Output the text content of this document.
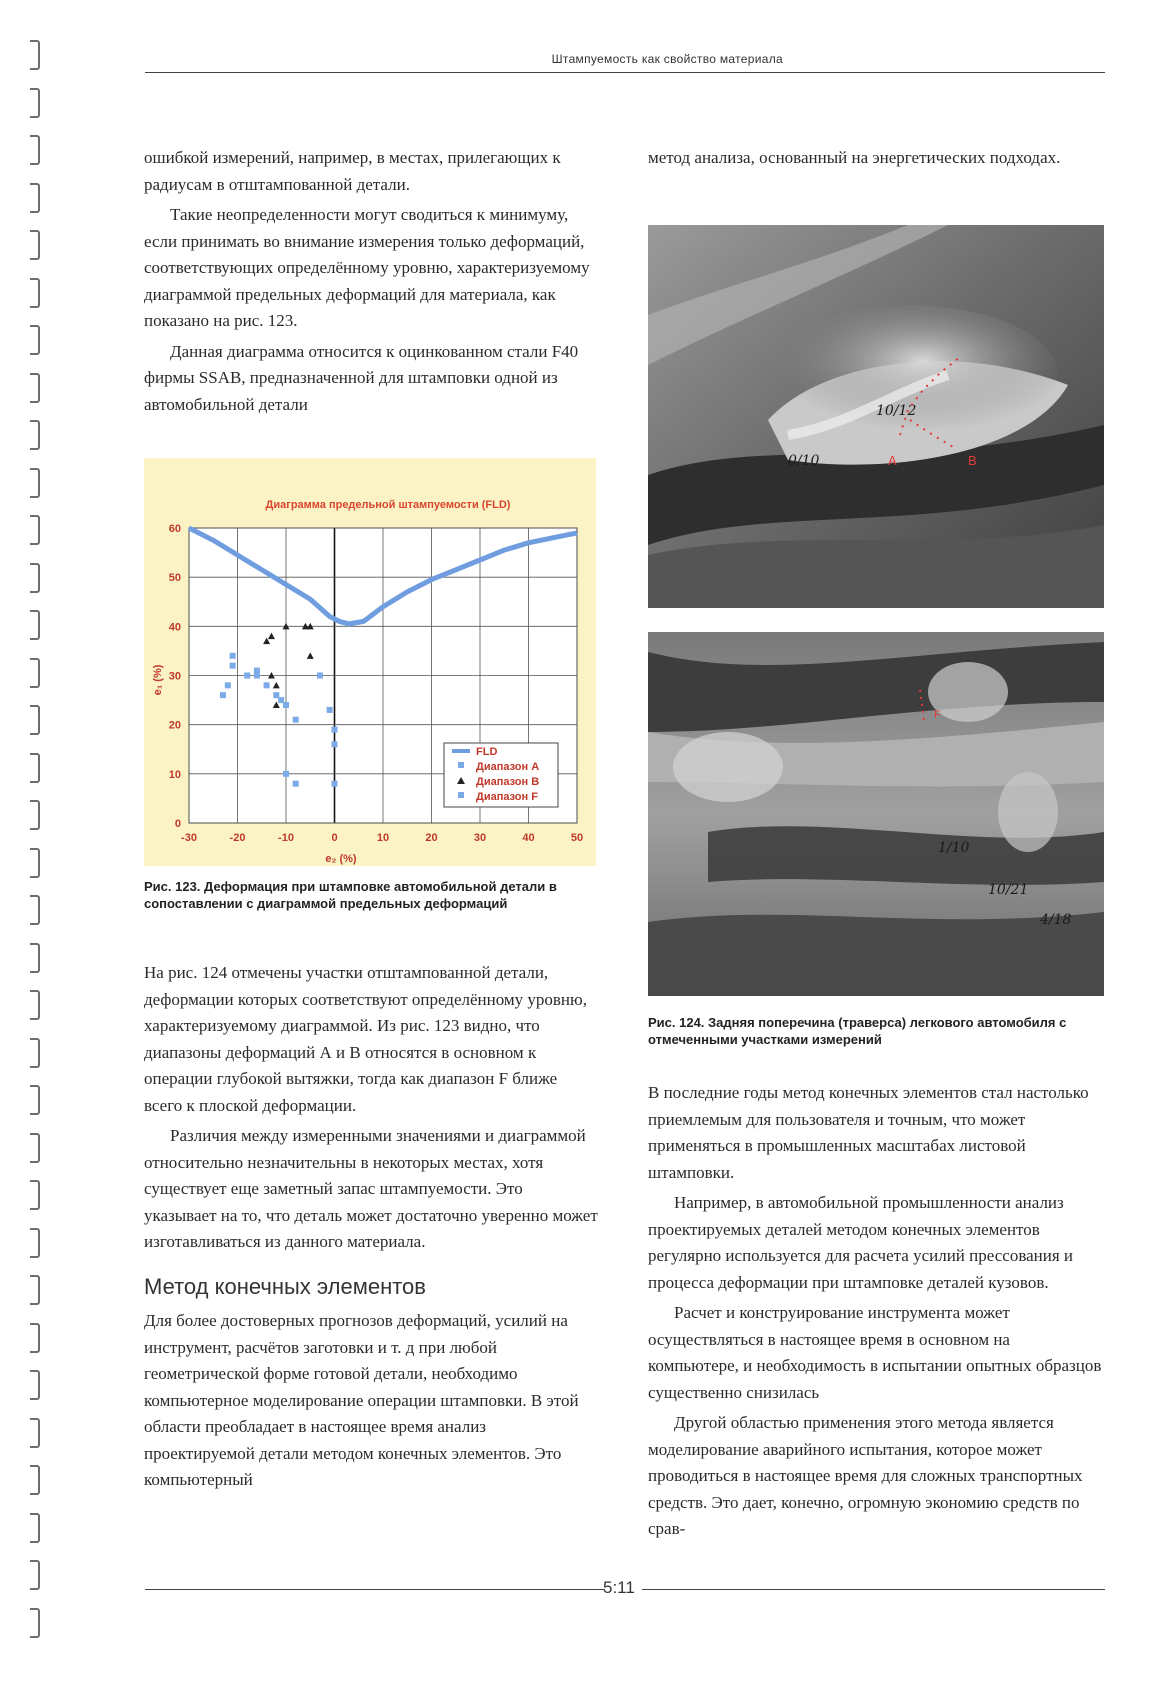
Штампуемость как свойство материала

ошибкой измерений, например, в местах, прилегающих к радиусам в отштампованной детали.

Такие неопределенности могут сводиться к минимуму, если принимать во внимание измерения только деформаций, соответствующих определённому уровню, характеризуемому диаграммой предельных деформаций для материала, как показано на рис. 123.

Данная диаграмма относится к оцинкованном стали F40 фирмы SSAB, предназначенной для штамповки одной из автомобильной детали

Диаграмма предельной штампуемости (FLD)
-30	-20	-10	0	10	20	30	40	50
0
10
20
30
40
50
60
e₂ (%)
e₁ (%)
FLD
Диапазон A
Диапазон B
Диапазон F
Рис. 123. Деформация при штамповке автомобильной детали в сопоставлении с диаграммой предельных деформаций

На рис. 124 отмечены участки отштампованной детали, деформации которых соответствуют определённому уровню, характеризуемому диаграммой. Из рис. 123 видно, что диапазоны деформаций А и В относятся в основном к операции глубокой вытяжки, тогда как диапазон F ближе всего к плоской деформации.

Различия между измеренными значениями и диаграммой относительно незначительны в некоторых местах, хотя существует еще заметный запас штампуемости. Это указывает на то, что деталь может достаточно уверенно может изготавливаться из данного материала.

Метод конечных элементов

Для более достоверных прогнозов деформаций, усилий на инструмент, расчётов заготовки и т. д при любой геометрической форме готовой детали, необходимо компьютерное моделирование операции штамповки. В этой области преобладает в настоящее время анализ проектируемой детали методом конечных элементов. Это компьютерный

метод анализа, основанный на энергетических подходах.

0/10
10/12
A	B
F
1/10
10/21
4/18
Рис. 124. Задняя поперечина (траверса) легкового автомобиля с отмеченными участками измерений

В последние годы метод конечных элементов стал настолько приемлемым для пользователя и точным, что может применяться в промышленных масштабах листовой штамповки.

Например, в автомобильной промышленности анализ проектируемых деталей методом конечных элементов регулярно используется для расчета усилий прессования и процесса деформации при штамповке деталей кузовов.

Расчет и конструирование инструмента может осуществляться в настоящее время в основном на компьютере, и необходимость в испытании опытных образцов существенно снизилась

Другой областью применения этого метода является моделирование аварийного испытания, которое может проводиться в настоящее время для сложных транспортных средств. Это дает, конечно, огромную экономию средств по срав-

5:11
